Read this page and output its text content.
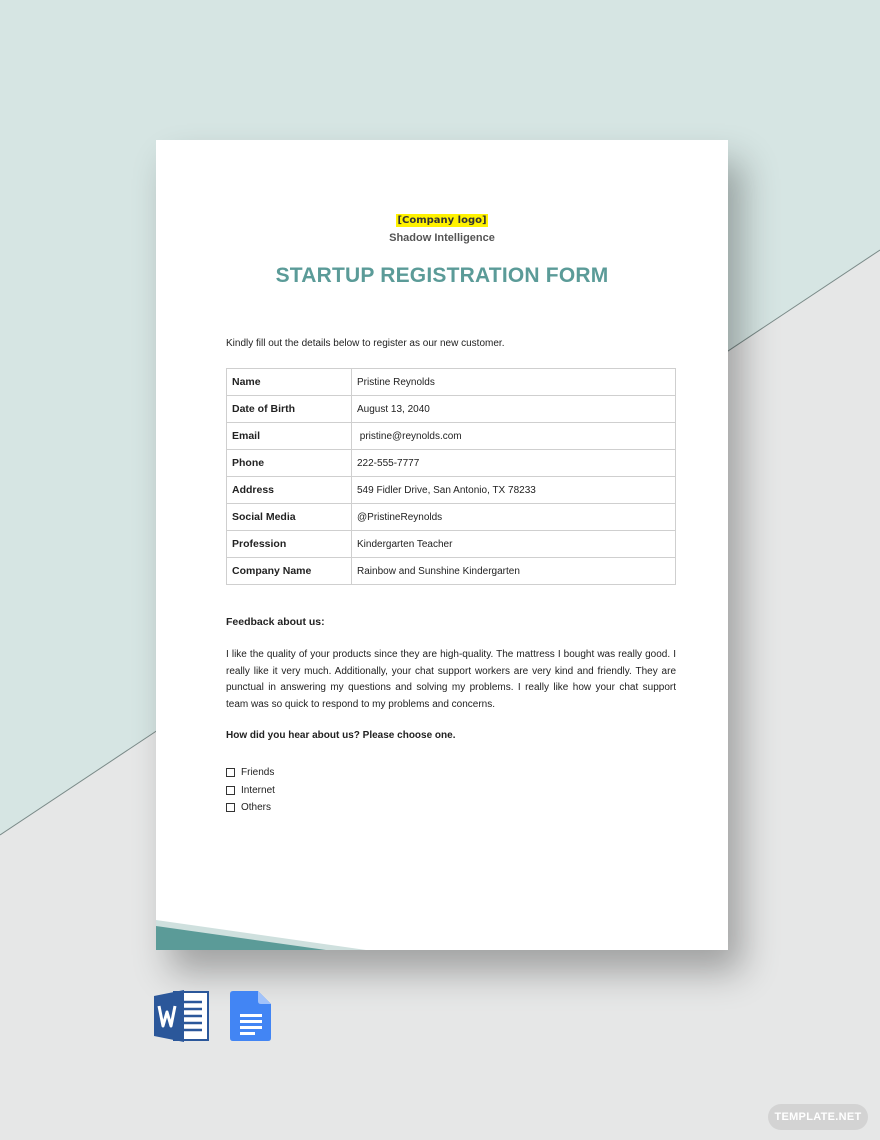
[Company logo]
Shadow Intelligence
STARTUP REGISTRATION FORM
Kindly fill out the details below to register as our new customer.
Name	Pristine Reynolds
Date of Birth	August 13, 2040
Email	pristine@reynolds.com
Phone	222-555-7777
Address	549 Fidler Drive, San Antonio, TX 78233
Social Media	@PristineReynolds
Profession	Kindergarten Teacher
Company Name	Rainbow and Sunshine Kindergarten
Feedback about us:
I like the quality of your products since they are high-quality. The mattress I bought was really good. I really like it very much. Additionally, your chat support workers are very kind and friendly. They are punctual in answering my questions and solving my problems. I really like how your chat support team was so quick to respond to my problems and concerns.
How did you hear about us? Please choose one.
Friends
Internet
Others
TEMPLATE.NET
